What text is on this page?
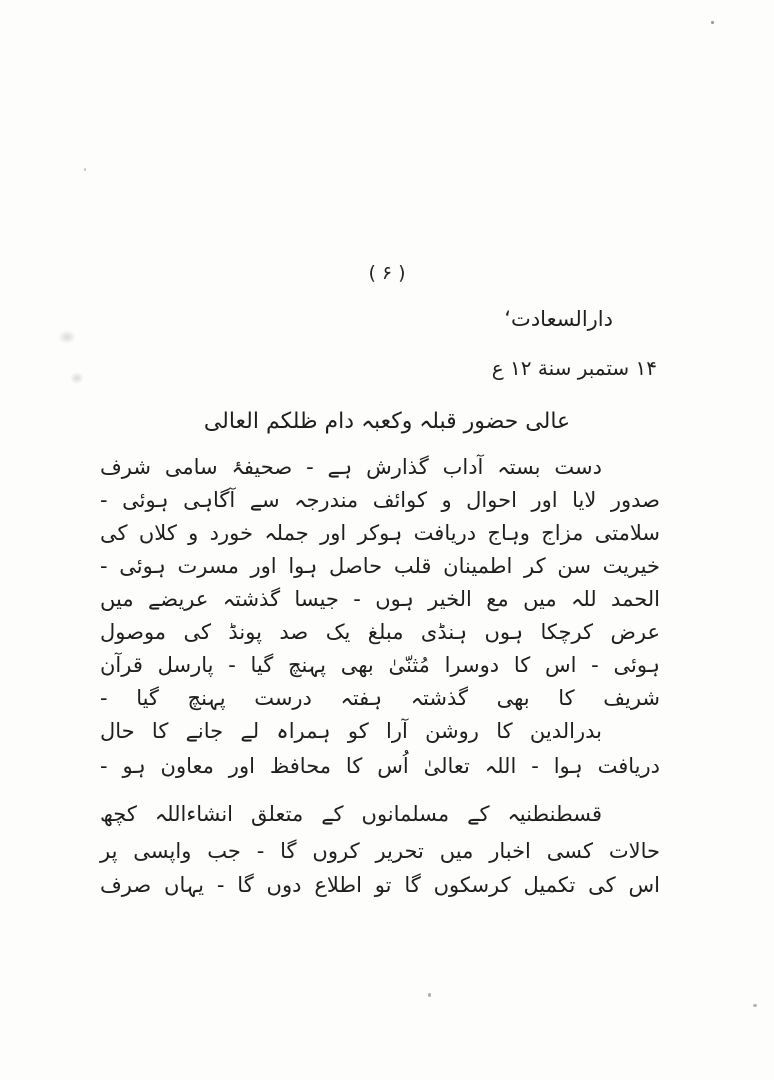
( ۶ )
دارالسعادت‘
۱۴ ستمبر سنة ۱۲ ع
عالی حضور قبلہ وکعبہ دام ظلکم العالی
دست بستہ آداب گذارش ہے - صحیفۂ سامی شرف
صدور لایا اور احوال و کوائف مندرجہ سے آگاہی ہوئی -
سلامتی مزاج وہاج دریافت ہوکر اور جملہ خورد و کلاں کی
خیریت سن کر اطمینان قلب حاصل ہوا اور مسرت ہوئی -
الحمد للہ میں مع الخیر ہوں - جیسا گذشتہ عریضے میں
عرض کرچکا ہوں ہنڈی مبلغ یک صد پونڈ کی موصول
ہوئی - اس کا دوسرا مُثنّیٰ بھی پہنچ گیا - پارسل قرآن
شریف کا بھی گذشتہ ہفتہ درست پہنچ گیا -
بدرالدین کا روشن آرا کو ہمراہ لے جانے کا حال
دریافت ہوا - اللہ تعالیٰ اُس کا محافظ اور معاون ہو -
قسطنطنیہ کے مسلمانوں کے متعلق انشاءاللہ کچھ
حالات کسی اخبار میں تحریر کروں گا - جب واپسی پر
اس کی تکمیل کرسکوں گا تو اطلاع دوں گا - یہاں صرف
